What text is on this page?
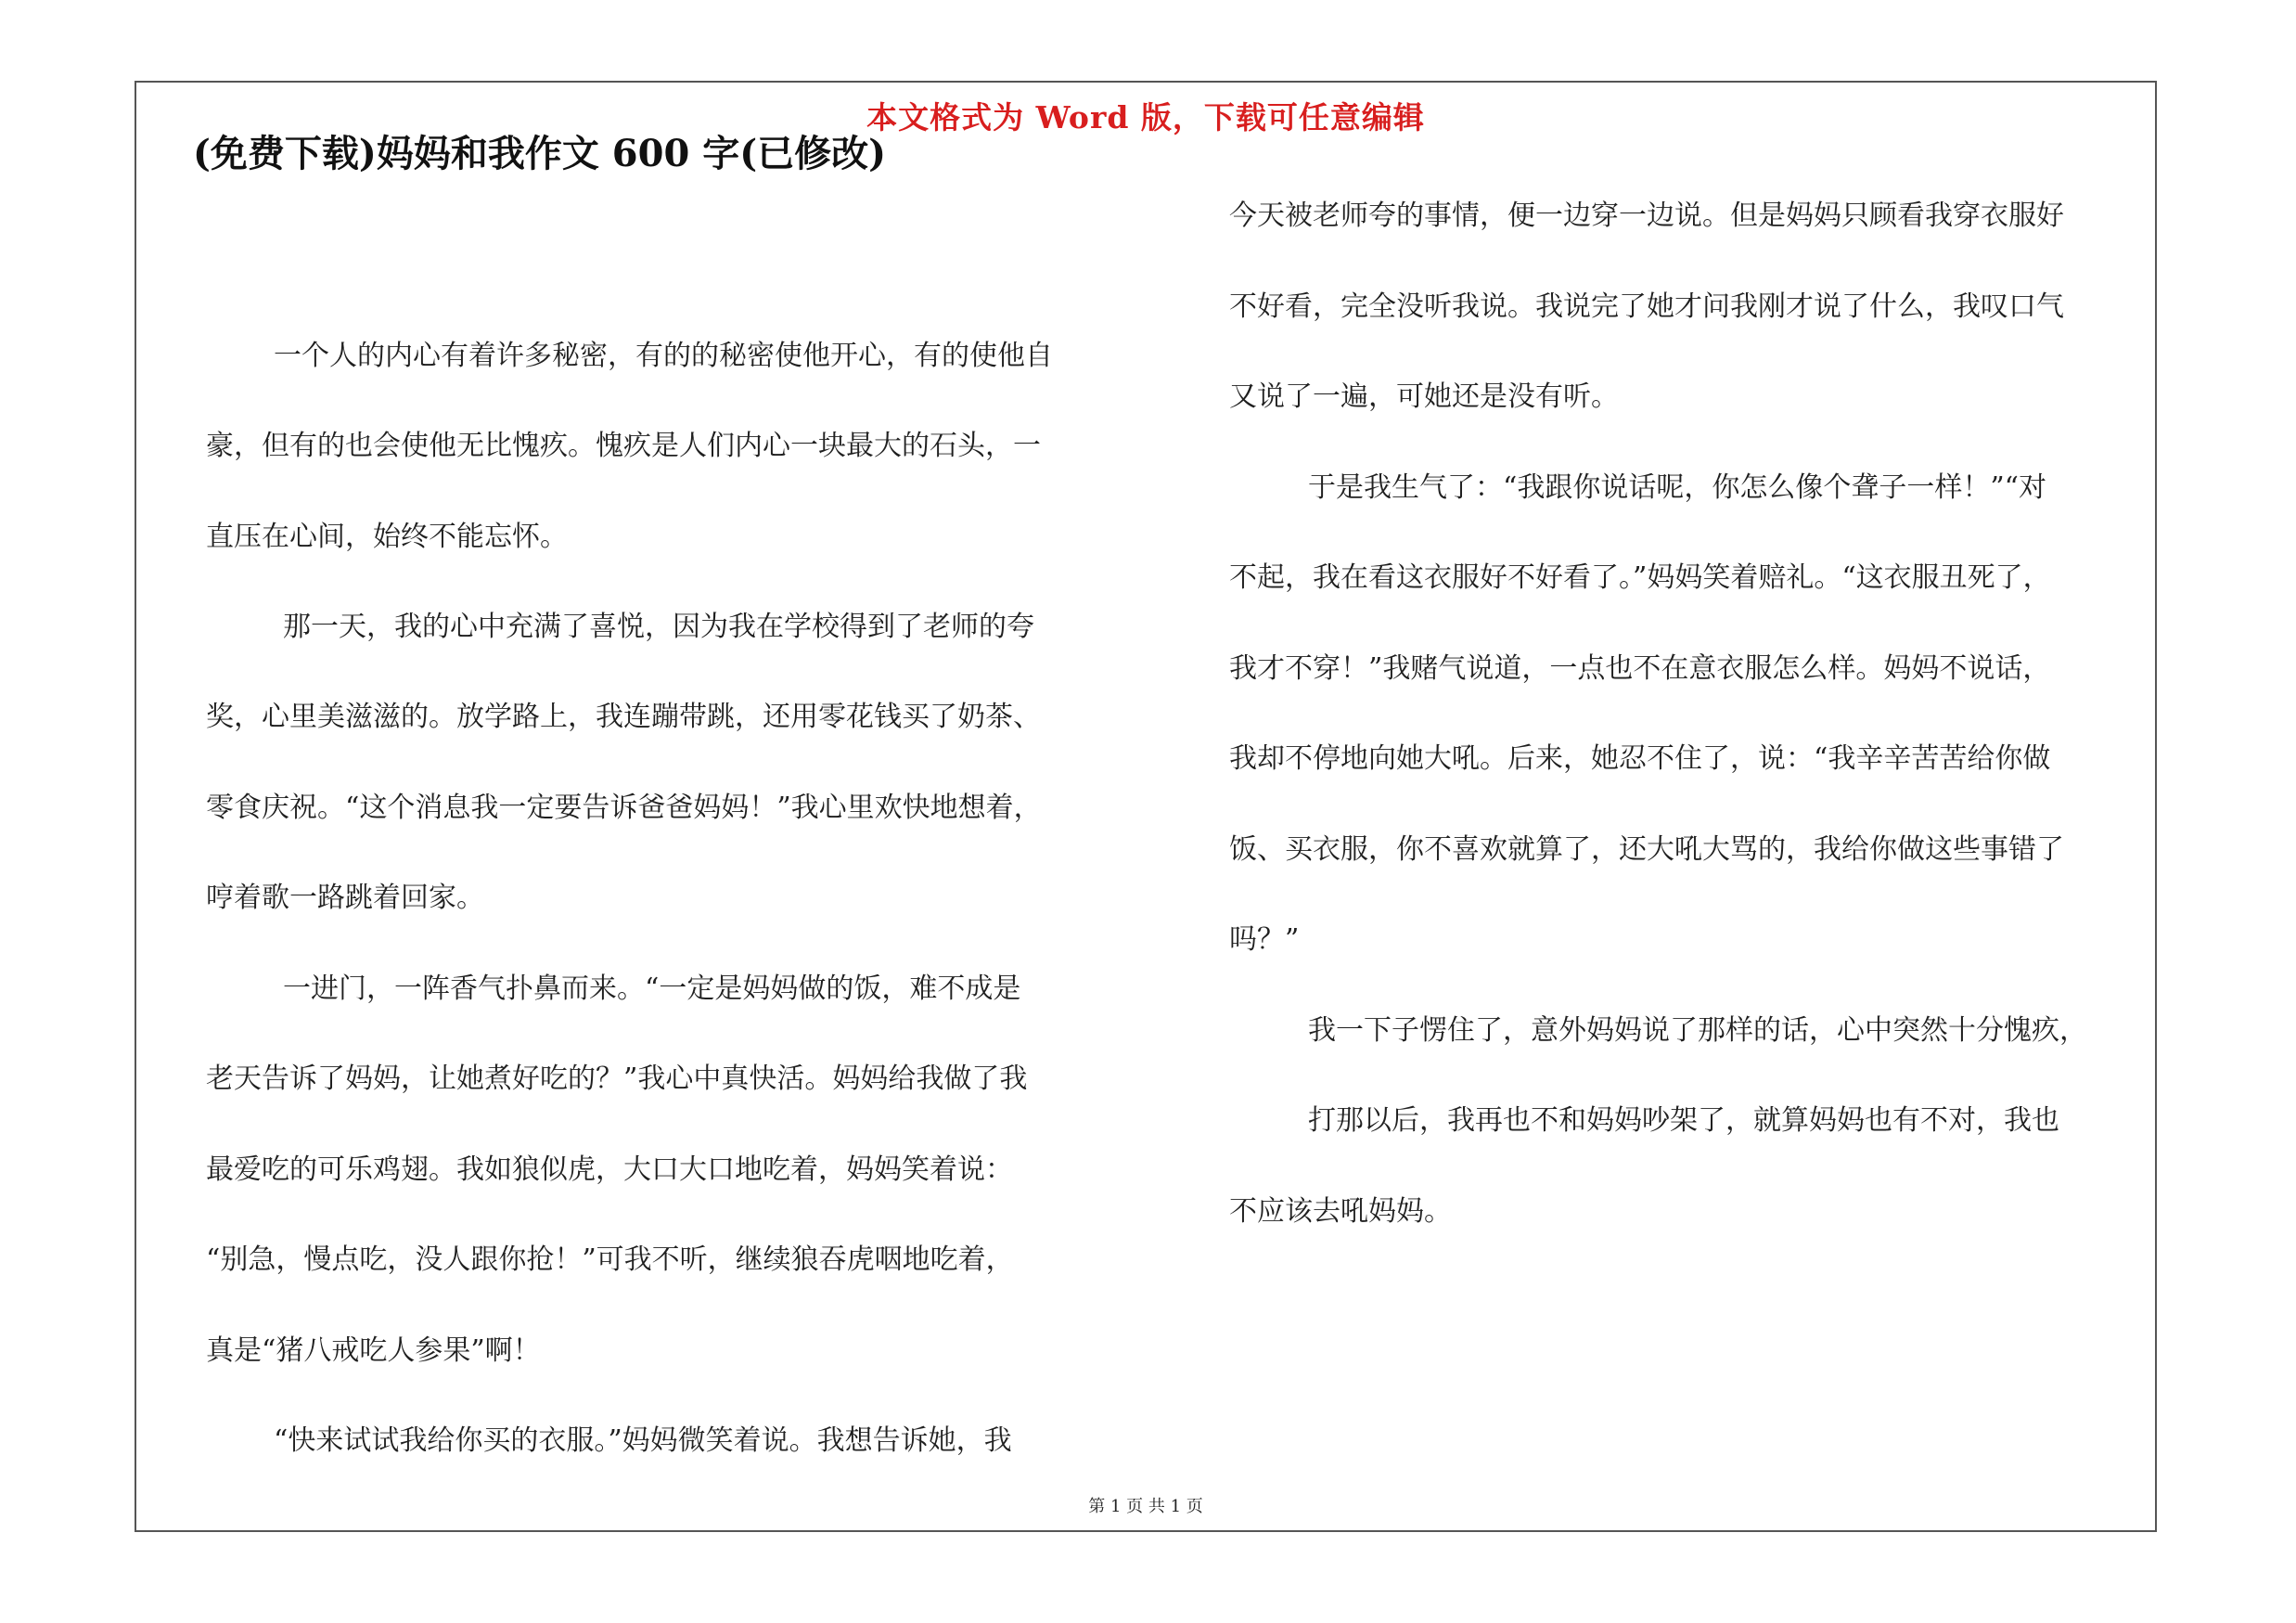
本文格式为 Word 版，下载可任意编辑
第 1 页 共 1 页
(免费下载)妈妈和我作文 600 字(已修改)
一个人的内心有着许多秘密，有的的秘密使他开心，有的使他自
豪，但有的也会使他无比愧疚。愧疚是人们内心一块最大的石头，一
直压在心间，始终不能忘怀。
那一天，我的心中充满了喜悦，因为我在学校得到了老师的夸
奖，心里美滋滋的。放学路上，我连蹦带跳，还用零花钱买了奶茶、
零食庆祝。“这个消息我一定要告诉爸爸妈妈！”我心里欢快地想着，
哼着歌一路跳着回家。
一进门，一阵香气扑鼻而来。“一定是妈妈做的饭，难不成是
老天告诉了妈妈，让她煮好吃的？”我心中真快活。妈妈给我做了我
最爱吃的可乐鸡翅。我如狼似虎，大口大口地吃着，妈妈笑着说：
“别急，慢点吃，没人跟你抢！”可我不听，继续狼吞虎咽地吃着，
真是“猪八戒吃人参果”啊！
“快来试试我给你买的衣服。”妈妈微笑着说。我想告诉她，我
今天被老师夸的事情，便一边穿一边说。但是妈妈只顾看我穿衣服好
不好看，完全没听我说。我说完了她才问我刚才说了什么，我叹口气
又说了一遍，可她还是没有听。
于是我生气了：“我跟你说话呢，你怎么像个聋子一样！”“对
不起，我在看这衣服好不好看了。”妈妈笑着赔礼。“这衣服丑死了，
我才不穿！”我赌气说道，一点也不在意衣服怎么样。妈妈不说话，
我却不停地向她大吼。后来，她忍不住了，说：“我辛辛苦苦给你做
饭、买衣服，你不喜欢就算了，还大吼大骂的，我给你做这些事错了
吗？”
我一下子愣住了，意外妈妈说了那样的话，心中突然十分愧疚，
打那以后，我再也不和妈妈吵架了，就算妈妈也有不对，我也
不应该去吼妈妈。
